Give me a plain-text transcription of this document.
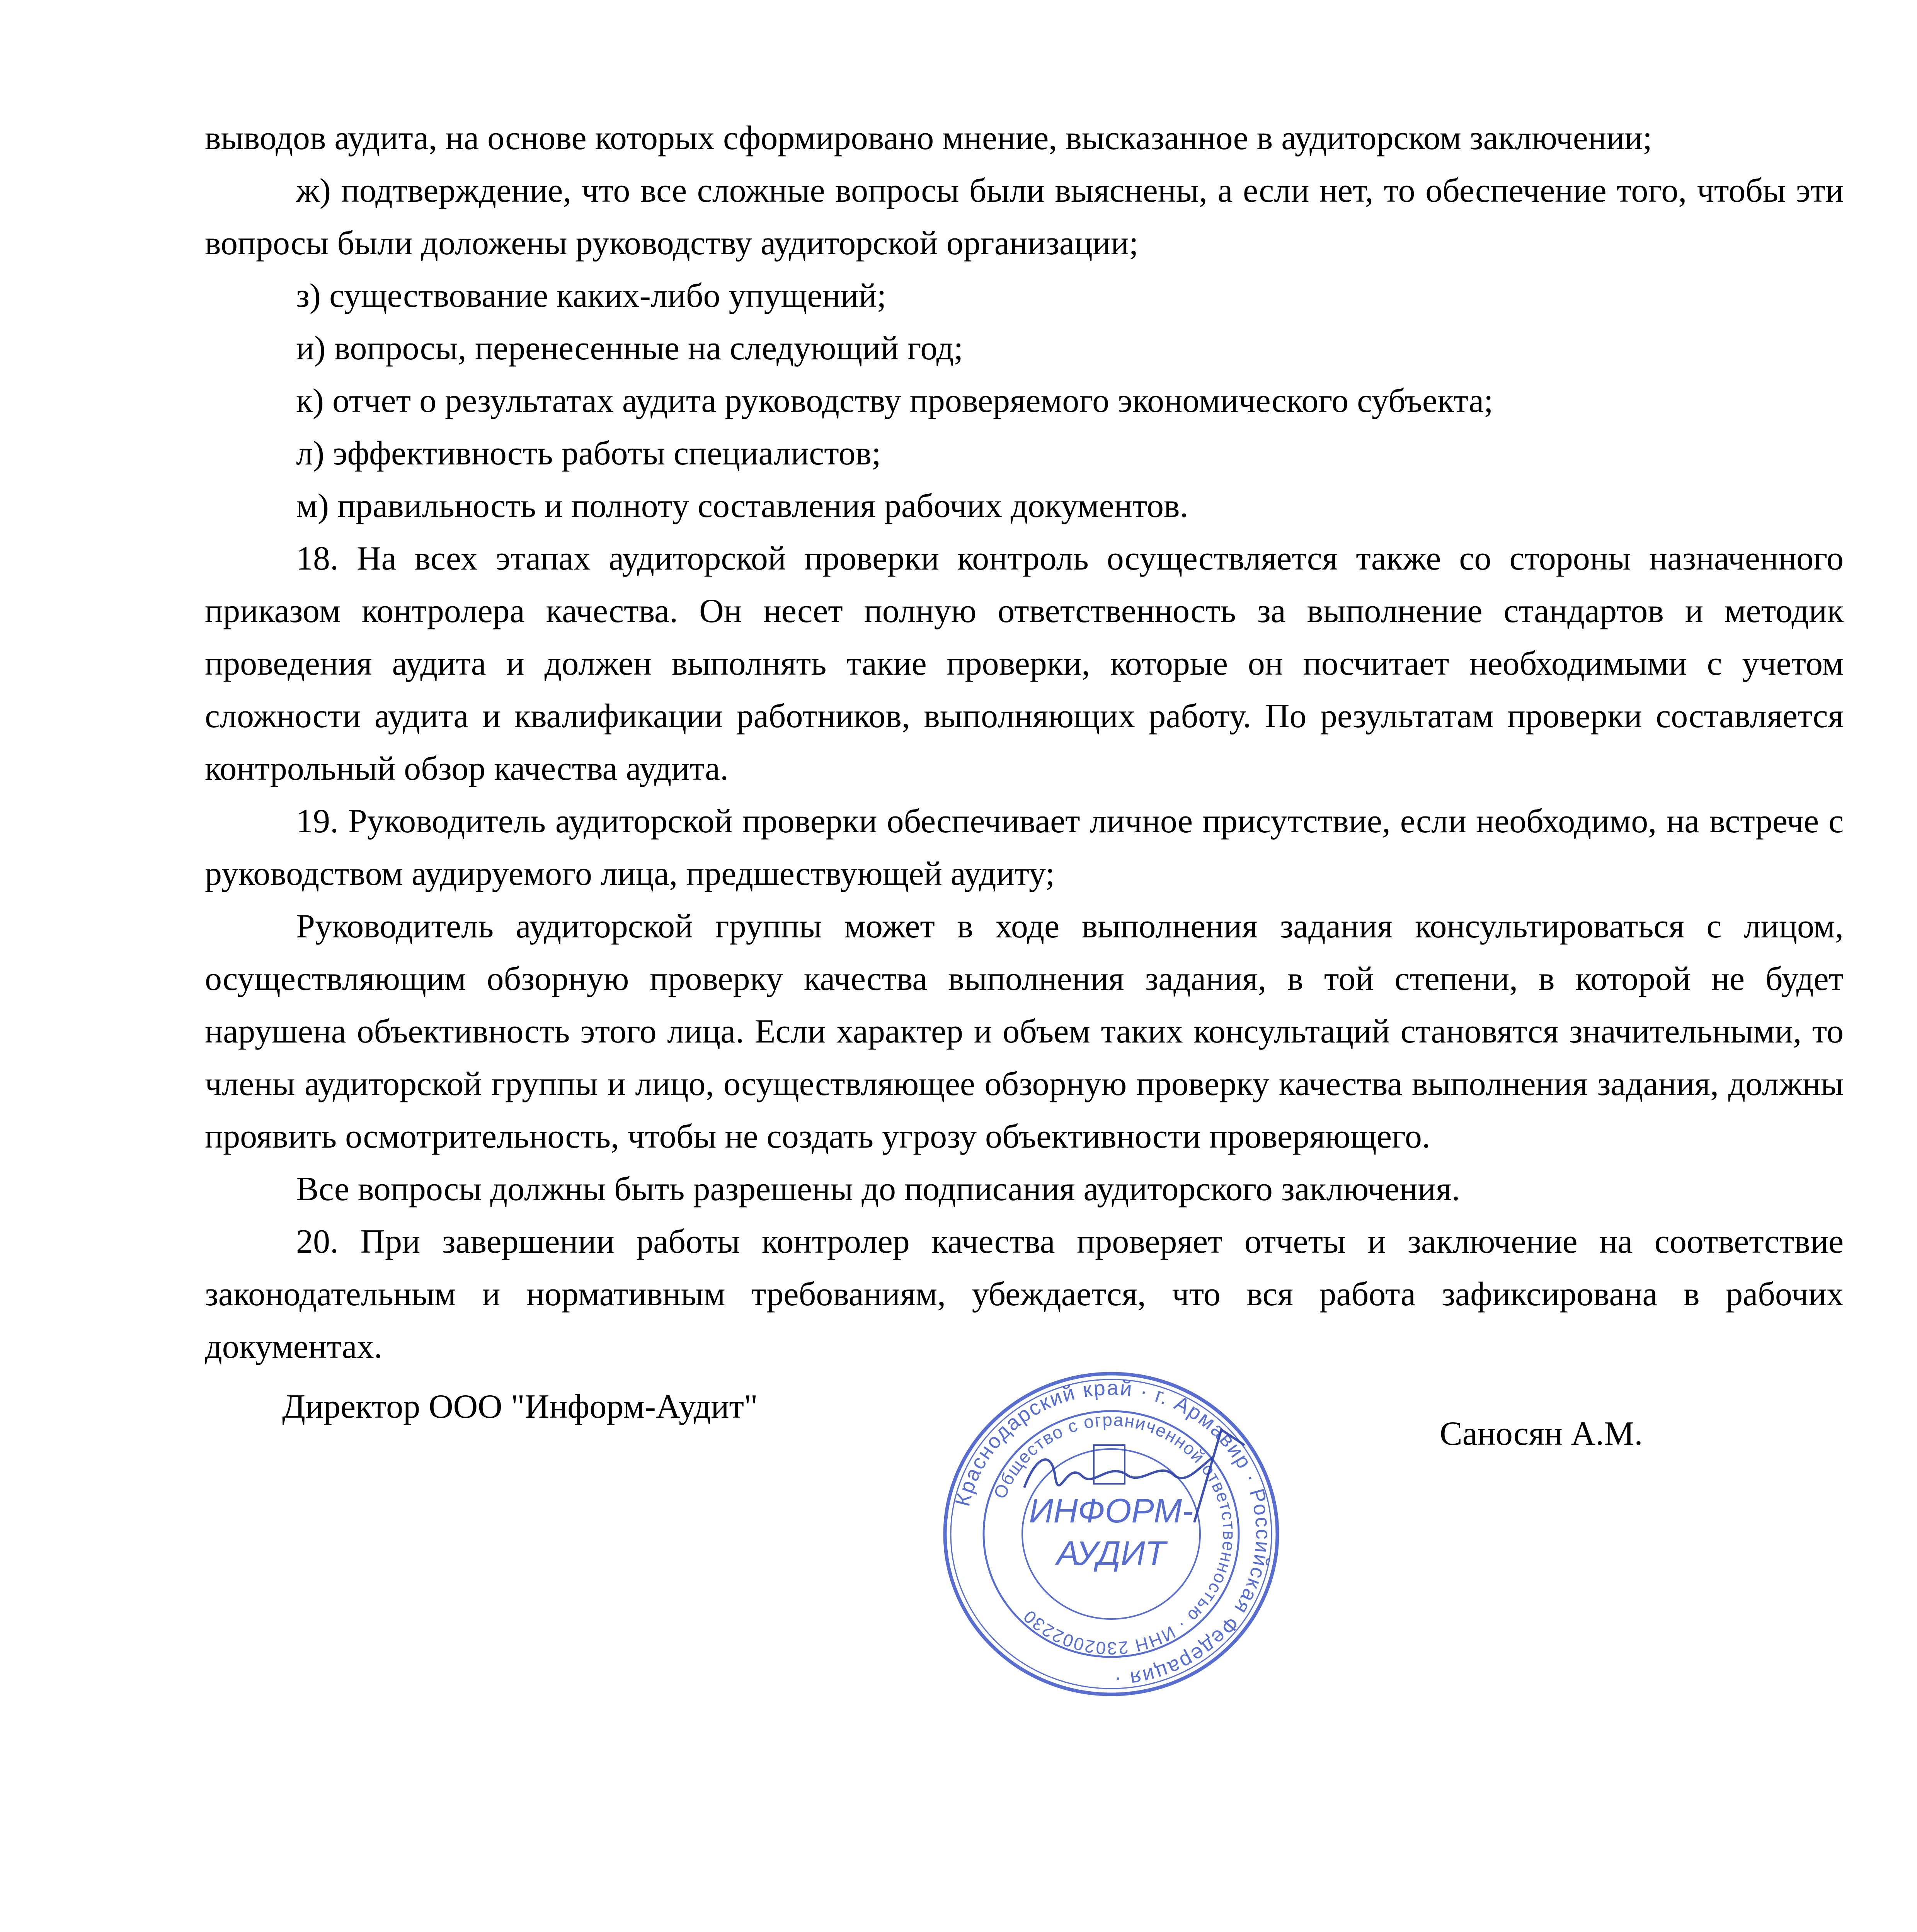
выводов аудита, на основе которых сформировано мнение, высказанное в аудиторском заключении;

ж) подтверждение, что все сложные вопросы были выяснены, а если нет, то обеспечение того, чтобы эти вопросы были доложены руководству аудиторской организации;

з) существование каких-либо упущений;

и) вопросы, перенесенные на следующий год;

к) отчет о результатах аудита руководству проверяемого экономического субъекта;

л) эффективность работы специалистов;

м) правильность и полноту составления рабочих документов.

18. На всех этапах аудиторской проверки контроль осуществляется также со стороны назначенного приказом контролера качества. Он несет полную ответственность за выполнение стандартов и методик проведения аудита и должен выполнять такие проверки, которые он посчитает необходимыми с учетом сложности аудита и квалификации работников, выполняющих работу. По результатам проверки составляется контрольный обзор качества аудита.

19. Руководитель аудиторской проверки обеспечивает личное присутствие, если необходимо, на встрече с руководством аудируемого лица, предшествующей аудиту;

Руководитель аудиторской группы может в ходе выполнения задания консультироваться с лицом, осуществляющим обзорную проверку качества выполнения задания, в той степени, в которой не будет нарушена объективность этого лица. Если характер и объем таких консультаций становятся значительными, то члены аудиторской группы и лицо, осуществляющее обзорную проверку качества выполнения задания, должны проявить осмотрительность, чтобы не создать угрозу объективности проверяющего.

Все вопросы должны быть разрешены до подписания аудиторского заключения.

20. При завершении работы контролер качества проверяет отчеты и заключение на соответствие законодательным и нормативным требованиям, убеждается, что вся работа зафиксирована в рабочих документах.

Директор ООО "Информ-Аудит"
Краснодарский край · г. Армавир · Российская Федерация ·
Общество с ограниченной ответственностью · ИНН 2302002230
ИНФОРМ-
АУДИТ
Саносян А.М.
